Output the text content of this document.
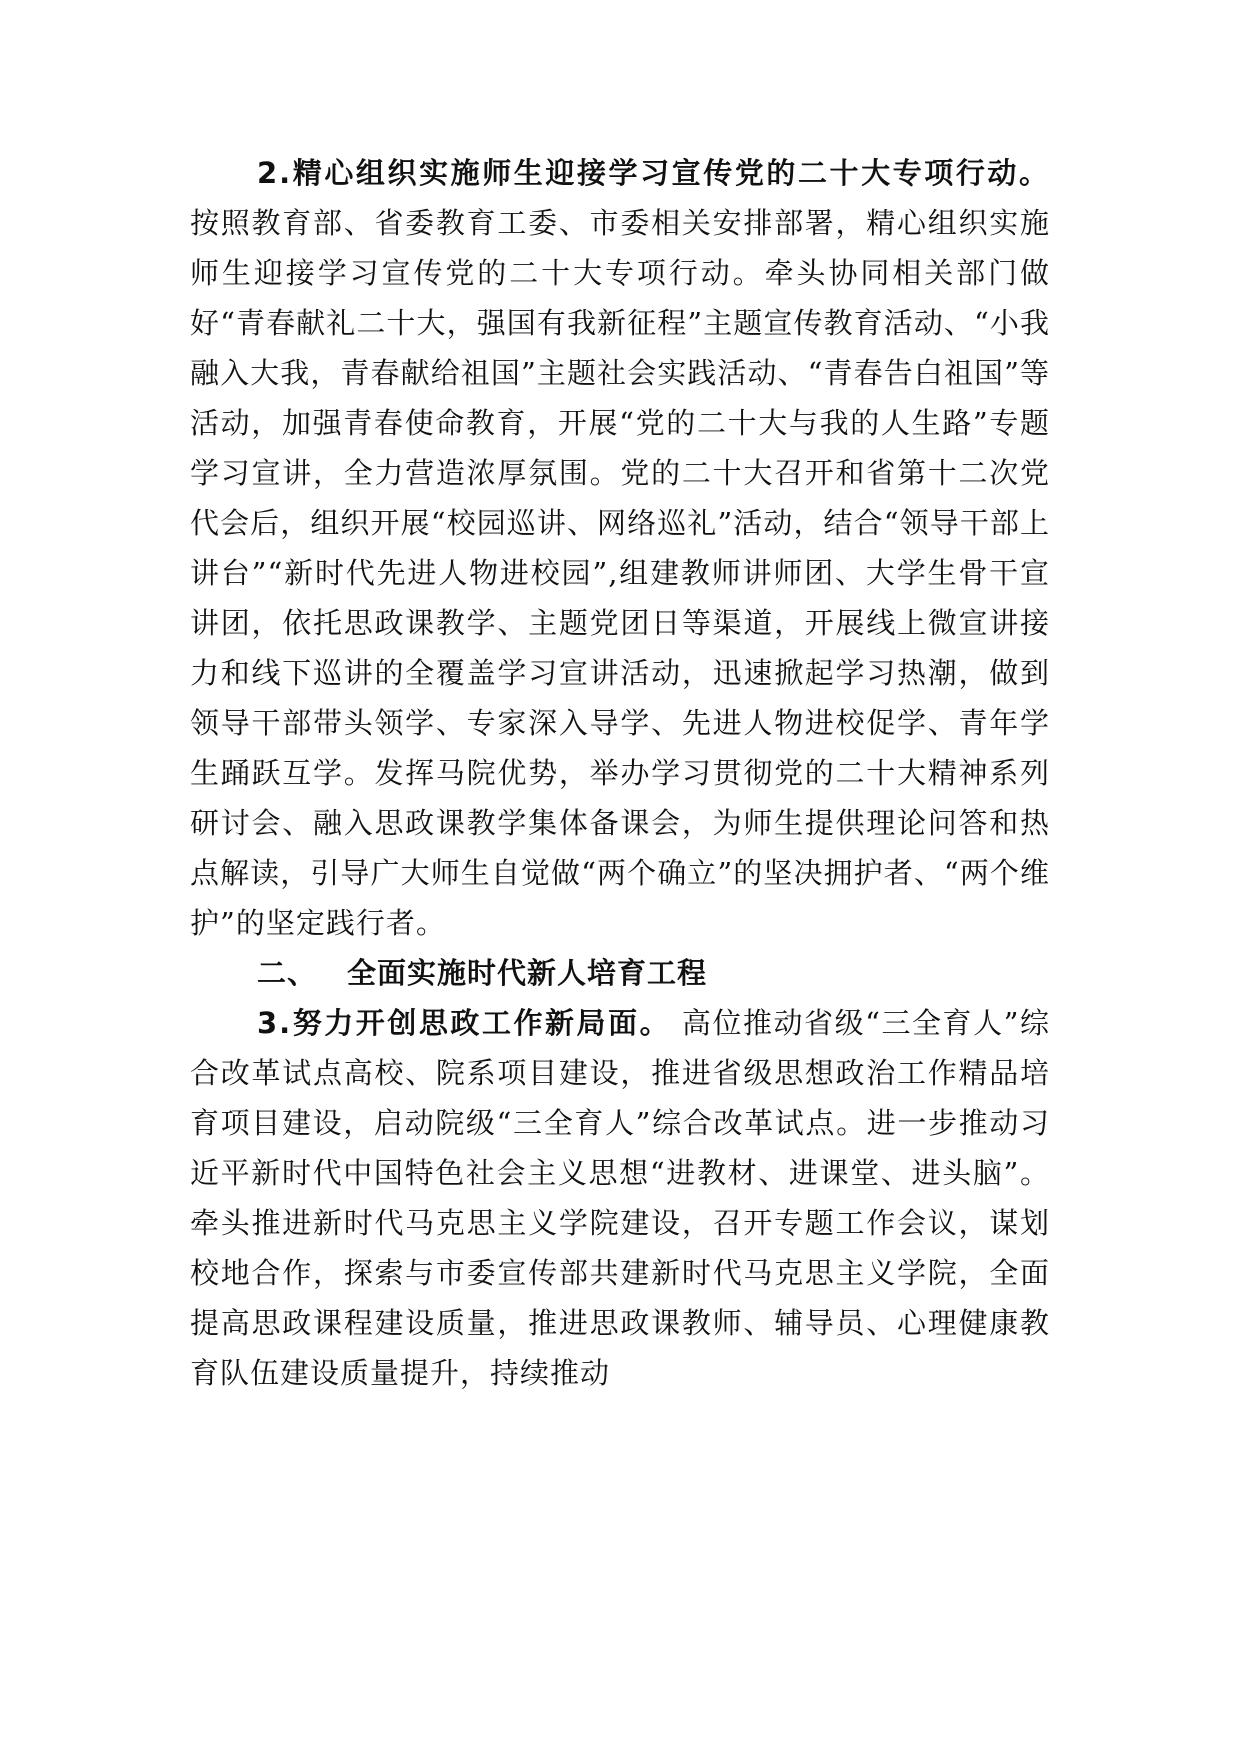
2.精心组织实施师生迎接学习宣传党的二十大专项行动。按照教育部、省委教育工委、市委相关安排部署，精心组织实施师生迎接学习宣传党的二十大专项行动。牵头协同相关部门做好“青春献礼二十大，强国有我新征程”主题宣传教育活动、“小我融入大我，青春献给祖国”主题社会实践活动、“青春告白祖国”等活动，加强青春使命教育，开展“党的二十大与我的人生路”专题学习宣讲，全力营造浓厚氛围。党的二十大召开和省第十二次党代会后，组织开展“校园巡讲、网络巡礼”活动，结合“领导干部上讲台”“新时代先进人物进校园”,组建教师讲师团、大学生骨干宣讲团，依托思政课教学、主题党团日等渠道，开展线上微宣讲接力和线下巡讲的全覆盖学习宣讲活动，迅速掀起学习热潮，做到领导干部带头领学、专家深入导学、先进人物进校促学、青年学生踊跃互学。发挥马院优势，举办学习贯彻党的二十大精神系列研讨会、融入思政课教学集体备课会，为师生提供理论问答和热点解读，引导广大师生自觉做“两个确立”的坚决拥护者、“两个维护”的坚定践行者。

二、 全面实施时代新人培育工程

3.努力开创思政工作新局面。 高位推动省级“三全育人”综合改革试点高校、院系项目建设，推进省级思想政治工作精品培育项目建设，启动院级“三全育人”综合改革试点。进一步推动习近平新时代中国特色社会主义思想“进教材、进课堂、进头脑”。牵头推进新时代马克思主义学院建设，召开专题工作会议，谋划校地合作，探索与市委宣传部共建新时代马克思主义学院，全面提高思政课程建设质量，推进思政课教师、辅导员、心理健康教育队伍建设质量提升，持续推动
